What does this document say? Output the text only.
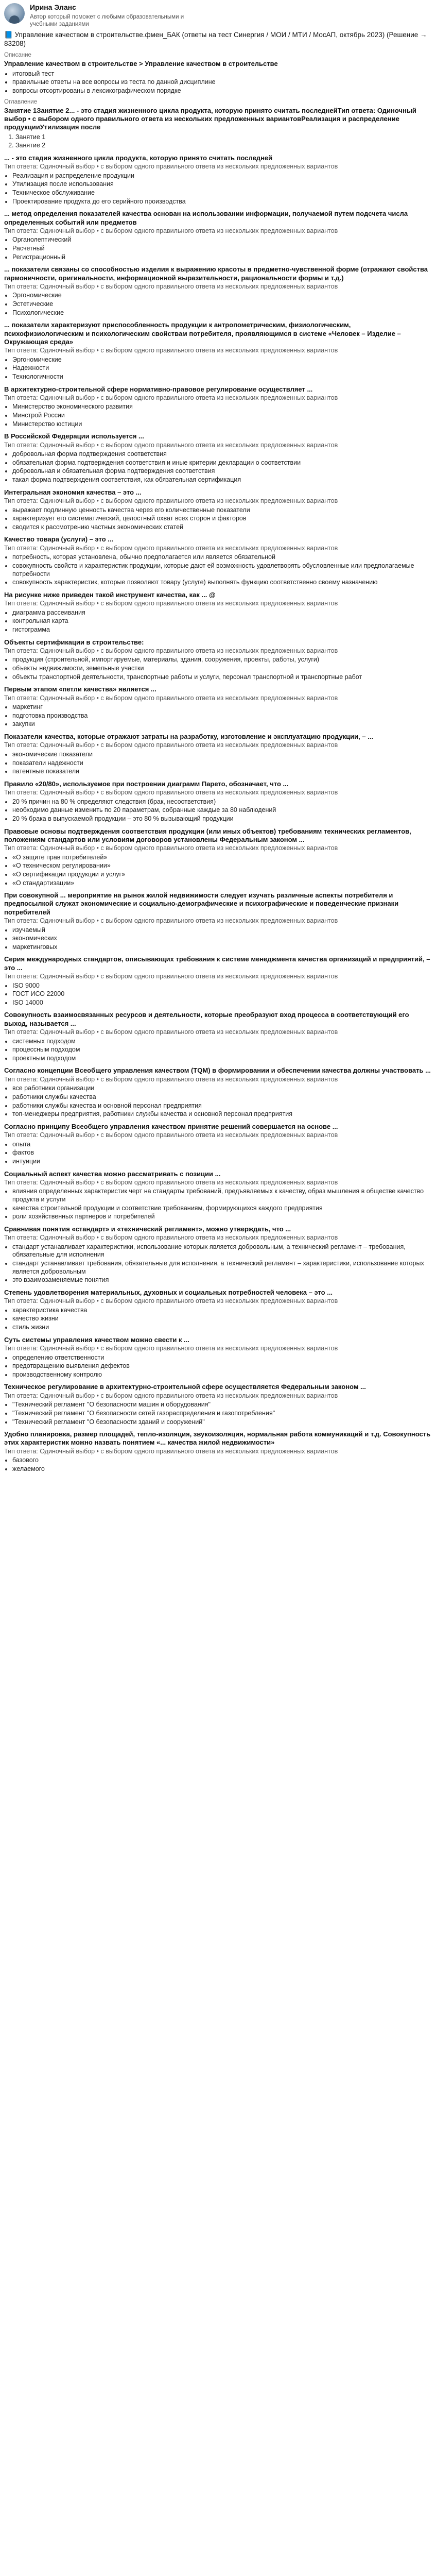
Ирина Эланс
Автор который поможет с любыми образовательными и
учебными заданиями
📘 Управление качеством в строительстве.фмен_БАК (ответы на тест Синергия / МОИ / МТИ / МосАП, октябрь 2023) (Решение → 83208)
Описание
Управление качеством в строительстве > Управление качеством в строительстве
• итоговый тест
• правильные ответы на все вопросы из теста по данной дисциплине
• вопросы отсортированы в лексикографическом порядке
Оглавление
Занятие 1Занятие 2... - это стадия жизненного цикла продукта, которую принято считать последнейТип ответа: Одиночный выбор • с выбором одного правильного ответа из нескольких предложенных вариантовРеализация и распределение продукцииУтилизация после
1. Занятие 1
2. Занятие 2
... - это стадия жизненного цикла продукта, которую принято считать последней
Тип ответа: Одиночный выбор • с выбором одного правильного ответа из нескольких предложенных вариантов
• Реализация и распределение продукции
• Утилизация после использования
• Техническое обслуживание
• Проектирование продукта до его серийного производства
... метод определения показателей качества основан на использовании информации, получаемой путем подсчета числа определенных событий или предметов
Тип ответа: Одиночный выбор • с выбором одного правильного ответа из нескольких предложенных вариантов
• Органолептический
• Расчетный
• Регистрационный
... показатели связаны со способностью изделия к выражению красоты в предметно-чувственной форме (отражают свойства гармоничности, оригинальности, информационной выразительности, рациональности формы и т.д.)
Тип ответа: Одиночный выбор • с выбором одного правильного ответа из нескольких предложенных вариантов
• Эргономические
• Эстетические
• Психологические
... показатели характеризуют приспособленность продукции к антропометрическим, физиологическим, психофизиологическим и психологическим свойствам потребителя, проявляющимся в системе «Человек – Изделие – Окружающая среда»
Тип ответа: Одиночный выбор • с выбором одного правильного ответа из нескольких предложенных вариантов
• Эргономические
• Надежности
• Технологичности
В архитектурно-строительной сфере нормативно-правовое регулирование осуществляет ...
Тип ответа: Одиночный выбор • с выбором одного правильного ответа из нескольких предложенных вариантов
• Министерство экономического развития
• Минстрой России
• Министерство юстиции
В Российской Федерации используется ...
Тип ответа: Одиночный выбор • с выбором одного правильного ответа из нескольких предложенных вариантов
• добровольная форма подтверждения соответствия
• обязательная форма подтверждения соответствия и иные критерии декларации о соответствии
• добровольная и обязательная форма подтверждения соответствия
• такая форма подтверждения соответствия, как обязательная сертификация
Интегральная экономия качества – это ...
Тип ответа: Одиночный выбор • с выбором одного правильного ответа из нескольких предложенных вариантов
• выражает подлинную ценность качества через его количественные показатели
• характеризует его систематический, целостный охват всех сторон и факторов
• сводится к рассмотрению частных экономических статей
Качество товара (услуги) – это ...
Тип ответа: Одиночный выбор • с выбором одного правильного ответа из нескольких предложенных вариантов
• потребность, которая установлена, обычно предполагается или является обязательной
• совокупность свойств и характеристик продукции, которые дают ей возможность удовлетворять обусловленные или предполагаемые потребности
• совокупность характеристик, которые позволяют товару (услуге) выполнять функцию соответственно своему назначению
На рисунке ниже приведен такой инструмент качества, как ... @
Тип ответа: Одиночный выбор • с выбором одного правильного ответа из нескольких предложенных вариантов
• диаграмма рассеивания
• контрольная карта
• гистограмма
Объекты сертификации в строительстве:
Тип ответа: Одиночный выбор • с выбором одного правильного ответа из нескольких предложенных вариантов
• продукция (строительной, импортируемые, материалы, здания, сооружения, проекты, работы, услуги)
• объекты недвижимости, земельные участки
• объекты транспортной деятельности, транспортные работы и услуги, персонал транспортной и транспортные работ
Первым этапом «петли качества» является ...
Тип ответа: Одиночный выбор • с выбором одного правильного ответа из нескольких предложенных вариантов
• маркетинг
• подготовка производства
• закупки
Показатели качества, которые отражают затраты на разработку, изготовление и эксплуатацию продукции, – ...
Тип ответа: Одиночный выбор • с выбором одного правильного ответа из нескольких предложенных вариантов
• экономические показатели
• показатели надежности
• патентные показатели
Правило «20/80», используемое при построении диаграмм Парето, обозначает, что ...
Тип ответа: Одиночный выбор • с выбором одного правильного ответа из нескольких предложенных вариантов
• 20 % причин на 80 % определяют следствия (брак, несоответствия)
• необходимо данные изменить по 20 параметрам, собранные каждые за 80 наблюдений
• 20 % брака в выпускаемой продукции – это 80 % вызывающий продукции
Правовые основы подтверждения соответствия продукции (или иных объектов) требованиям технических регламентов, положениям стандартов или условиям договоров установлены Федеральным законом ...
Тип ответа: Одиночный выбор • с выбором одного правильного ответа из нескольких предложенных вариантов
• «О защите прав потребителей»
• «О техническом регулировании»
• «О сертификации продукции и услуг»
• «О стандартизации»
При совокупной ... мероприятие на рынок жилой недвижимости следует изучать различные аспекты потребителя и предпосылкой служат экономические и социально-демографические и психографические и поведенческие признаки потребителей
Тип ответа: Одиночный выбор • с выбором одного правильного ответа из нескольких предложенных вариантов
• изучаемый
• экономических
• маркетинговых
Серия международных стандартов, описывающих требования к системе менеджмента качества организаций и предприятий, – это ...
Тип ответа: Одиночный выбор • с выбором одного правильного ответа из нескольких предложенных вариантов
• ISO 9000
• ГОСТ ИСО 22000
• ISO 14000
Совокупность взаимосвязанных ресурсов и деятельности, которые преобразуют вход процесса в соответствующий его выход, называется ...
Тип ответа: Одиночный выбор • с выбором одного правильного ответа из нескольких предложенных вариантов
• системных подходом
• процессным подходом
• проектным подходом
Согласно концепции Всеобщего управления качеством (TQM) в формировании и обеспечении качества должны участвовать ...
Тип ответа: Одиночный выбор • с выбором одного правильного ответа из нескольких предложенных вариантов
• все работники организации
• работники службы качества
• работники службы качества и основной персонал предприятия
• топ-менеджеры предприятия, работники службы качества и основной персонал предприятия
Согласно принципу Всеобщего управления качеством принятие решений совершается на основе ...
Тип ответа: Одиночный выбор • с выбором одного правильного ответа из нескольких предложенных вариантов
• опыта
• фактов
• интуиции
Социальный аспект качества можно рассматривать с позиции ...
Тип ответа: Одиночный выбор • с выбором одного правильного ответа из нескольких предложенных вариантов
• влияния определенных характеристик черт на стандарты требований, предъявляемых к качеству, образ мышления в обществе качество продукта и услуги
• качества строительной продукции и соответствие требованиям, формирующихся каждого предприятия
• роли хозяйственных партнеров и потребителей
Сравнивая понятия «стандарт» и «технический регламент», можно утверждать, что ...
Тип ответа: Одиночный выбор • с выбором одного правильного ответа из нескольких предложенных вариантов
• стандарт устанавливает характеристики, использование которых является добровольным, а технический регламент – требования, обязательные для исполнения
• стандарт устанавливает требования, обязательные для исполнения, а технический регламент – характеристики, использование которых является добровольным
• это взаимозаменяемые понятия
Степень удовлетворения материальных, духовных и социальных потребностей человека – это ...
Тип ответа: Одиночный выбор • с выбором одного правильного ответа из нескольких предложенных вариантов
• характеристика качества
• качество жизни
• стиль жизни
Суть системы управления качеством можно свести к ...
Тип ответа: Одиночный выбор • с выбором одного правильного ответа из нескольких предложенных вариантов
• определению ответственности
• предотвращению выявления дефектов
• производственному контролю
Техническое регулирование в архитектурно-строительной сфере осуществляется Федеральным законом ...
Тип ответа: Одиночный выбор • с выбором одного правильного ответа из нескольких предложенных вариантов
• "Технический регламент "О безопасности машин и оборудования"
• "Технический регламент "О безопасности сетей газораспределения и газопотребления"
• "Технический регламент "О безопасности зданий и сооружений"
Удобно планировка, размер площадей, тепло-изоляция, звукоизоляция, нормальная работа коммуникаций и т.д. Совокупность этих характеристик можно назвать понятием «... качества жилой недвижимости»
Тип ответа: Одиночный выбор • с выбором одного правильного ответа из нескольких предложенных вариантов
• базового
• желаемого
